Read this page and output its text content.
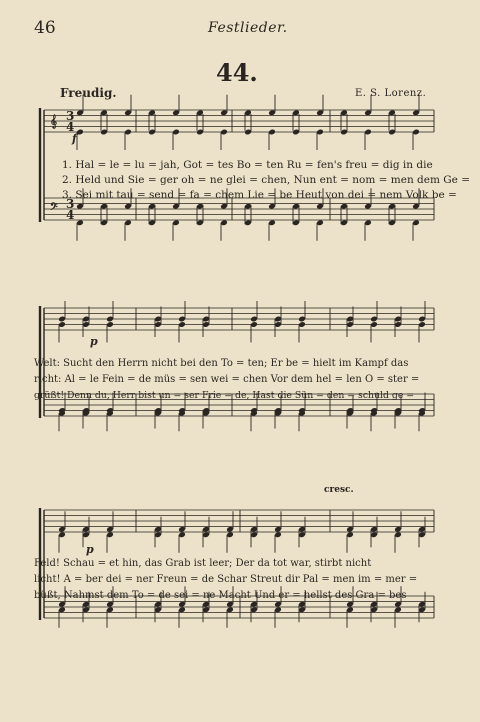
46	Festlieder.
44.
Freudig.	E. S. Lorenz.
𝄞
𝄢
3
4
3
4
f
p
p
cresc.
1. Hal = le = lu = jah, Got = tes Bo = ten Ru = fen's freu = dig in die
2. Held und Sie = ger oh = ne glei = chen, Nun ent = nom = men dem Ge =
3. Sei mit tau = send = fa = chem Lie = be Heut von dei = nem Volk be =
Welt: Sucht den Herrn nicht bei den To = ten; Er be = hielt im Kampf das
richt: Al = le Fein = de müs = sen wei = chen Vor dem hel = len O = ster =
grüßt! Denn du, Herr bist un = ser Frie = de, Hast die Sün = den = schuld ge =
Feld! Schau = et hin, das Grab ist leer; Der da tot war, stirbt nicht
licht! A = ber dei = ner Freun = de Schar Streut dir Pal = men im = mer =
büßt, Nahmst dem To = de sei = ne Macht Und er = hellst des Gra = bes
